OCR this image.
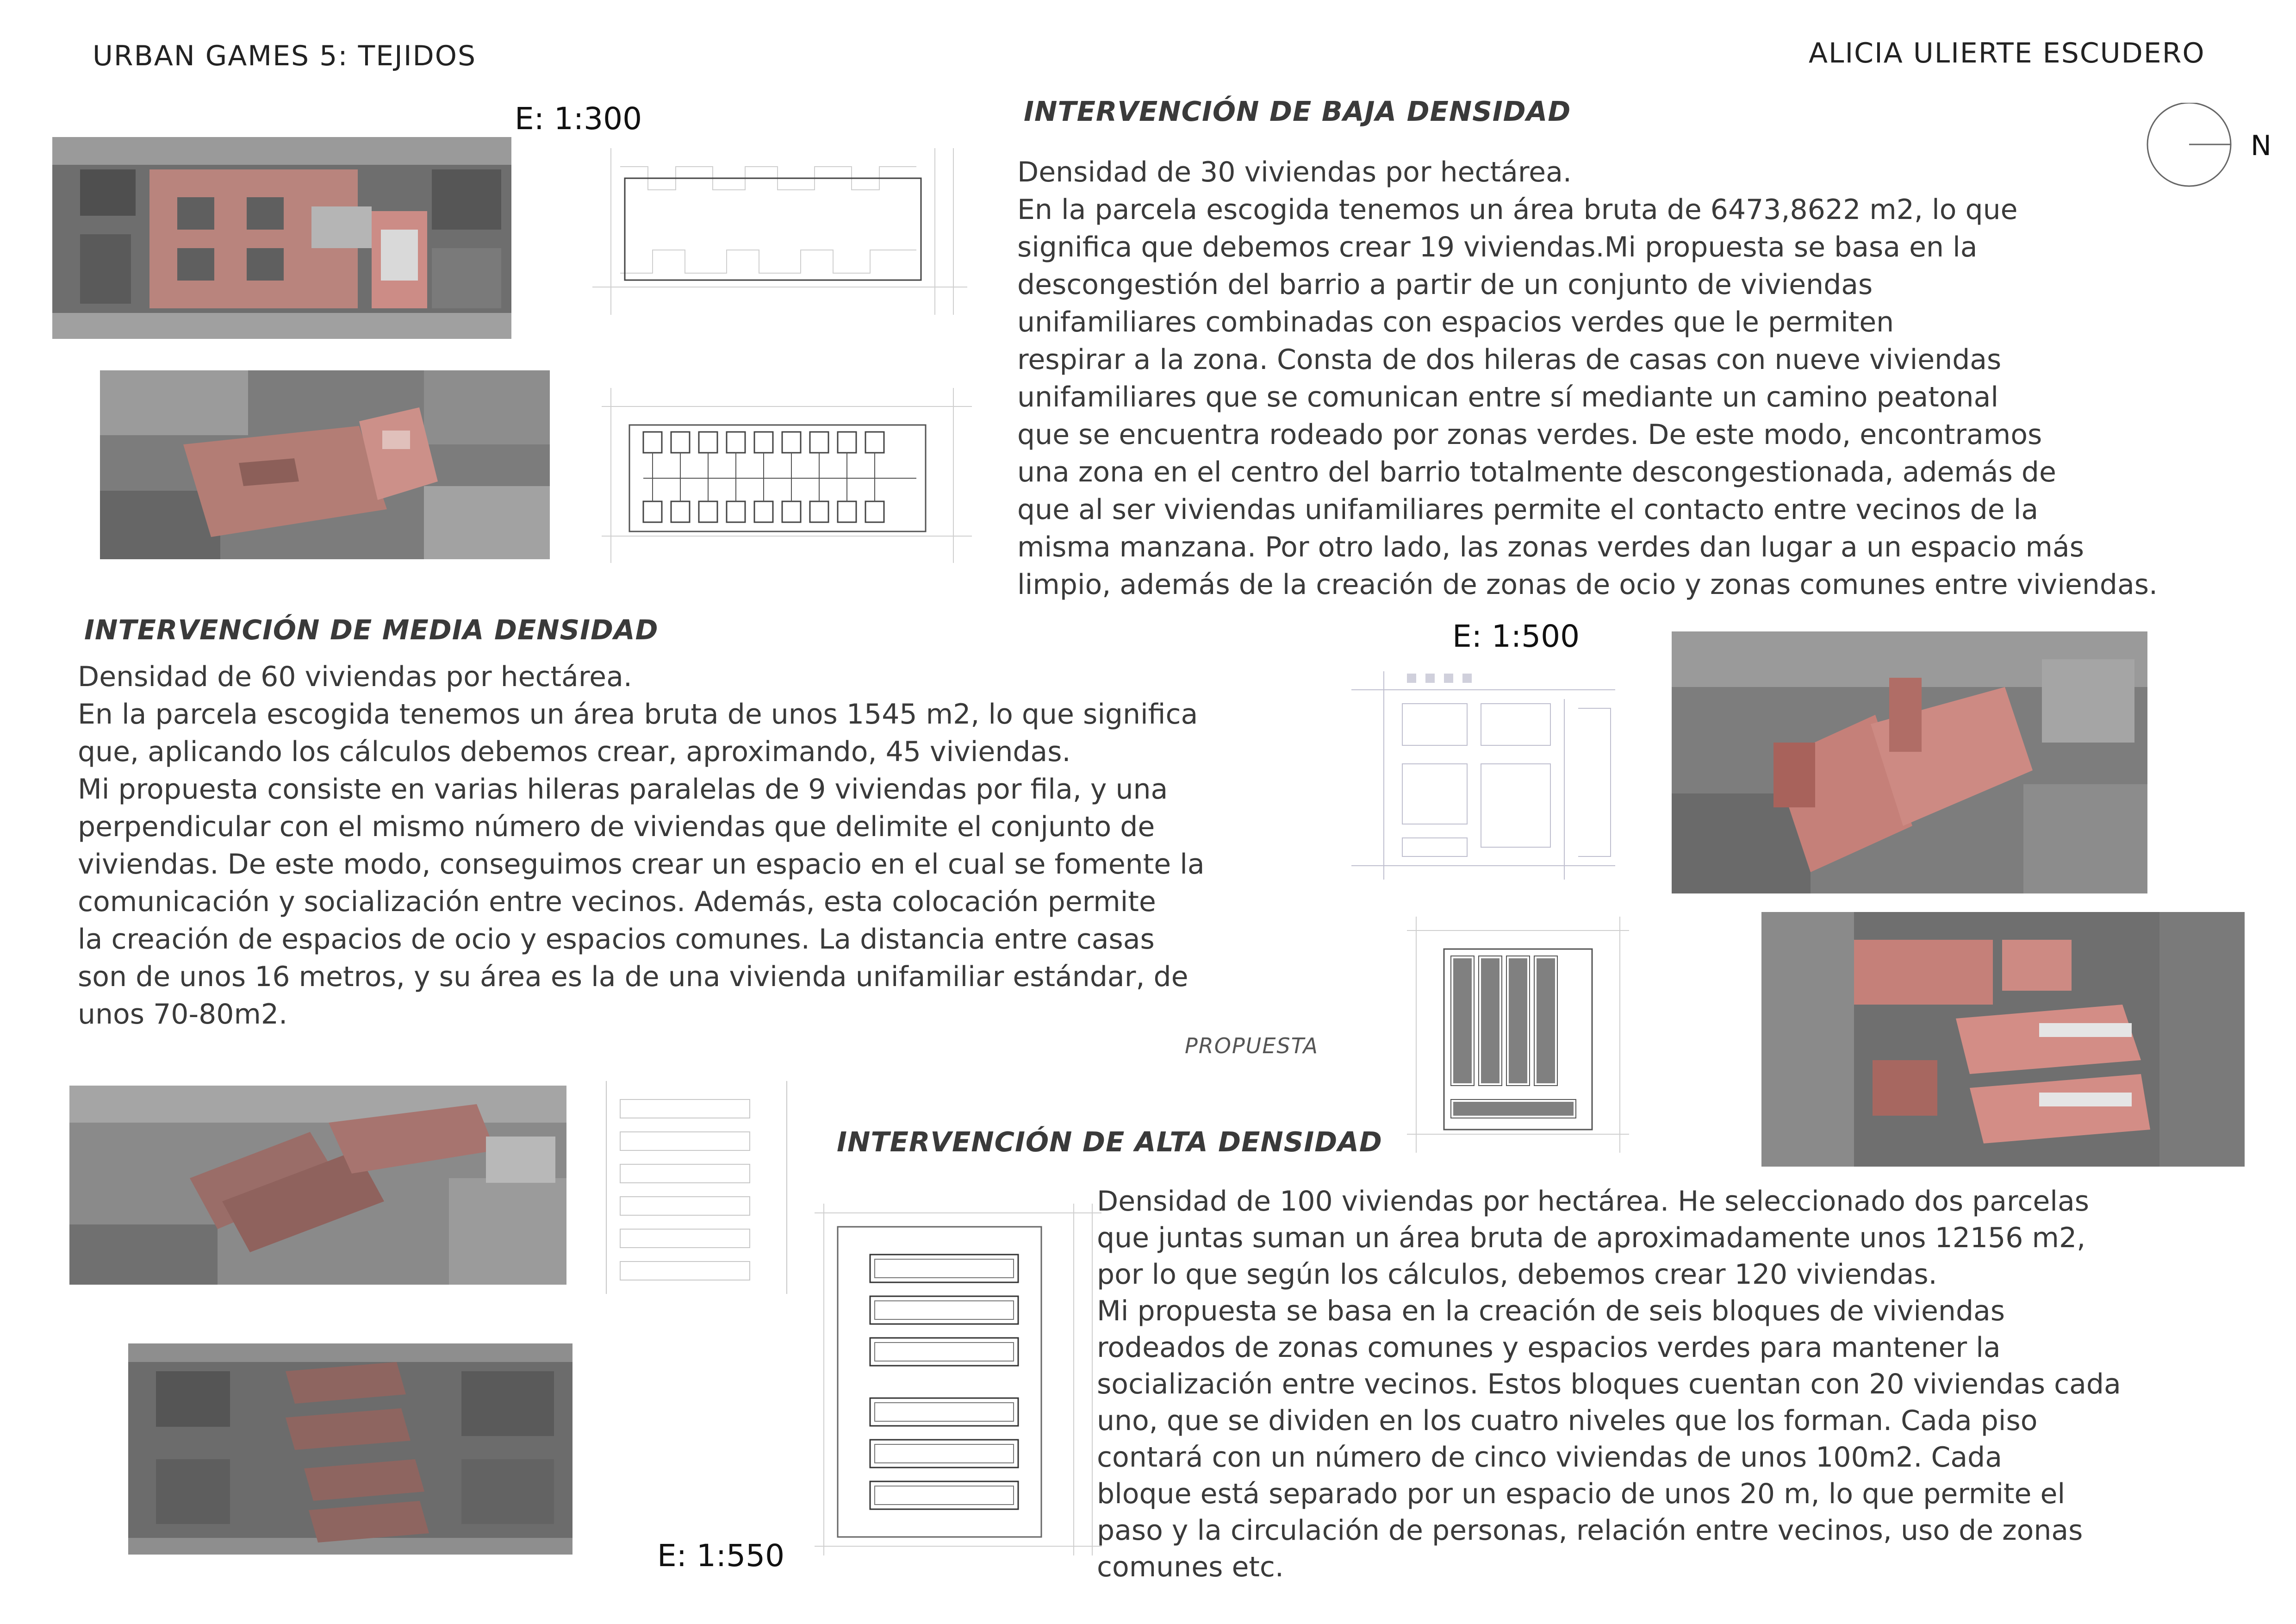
URBAN GAMES 5: TEJIDOS	ALICIA ULIERTE ESCUDERO
N
E: 1:300	INTERVENCIÓN DE BAJA DENSIDAD

Densidad de 30 viviendas por hectárea.

En la parcela escogida tenemos un área bruta de 6473,8622 m2, lo que

significa que debemos crear 19 viviendas.Mi propuesta se basa en la

descongestión del barrio a partir de un conjunto de viviendas

unifamiliares combinadas con espacios verdes que le permiten

respirar a la zona. Consta de dos hileras de casas con nueve viviendas

unifamiliares que se comunican entre sí mediante un camino peatonal

que se encuentra rodeado por zonas verdes. De este modo, encontramos

una zona en el centro del barrio totalmente descongestionada, además de

que al ser viviendas unifamiliares permite el contacto entre vecinos de la

misma manzana. Por otro lado, las zonas verdes dan lugar a un espacio más

limpio, además de la creación de zonas de ocio y zonas comunes entre viviendas.

INTERVENCIÓN DE MEDIA DENSIDAD

Densidad de 60 viviendas por hectárea.

En la parcela escogida tenemos un área bruta de unos 1545 m2, lo que significa

que, aplicando los cálculos debemos crear, aproximando, 45 viviendas.

Mi propuesta consiste en varias hileras paralelas de 9 viviendas por fila, y una

perpendicular con el mismo número de viviendas que delimite el conjunto de

viviendas. De este modo, conseguimos crear un espacio en el cual se fomente la

comunicación y socialización entre vecinos. Además, esta colocación permite

la creación de espacios de ocio y espacios comunes. La distancia entre casas

son de unos 16 metros, y su área es la de una vivienda unifamiliar estándar, de

unos 70-80m2.

PROPUESTA
E: 1:500
INTERVENCIÓN DE ALTA DENSIDAD
E: 1:550

Densidad de 100 viviendas por hectárea. He seleccionado dos parcelas

que juntas suman un área bruta de aproximadamente unos 12156 m2,

por lo que según los cálculos, debemos crear 120 viviendas.

Mi propuesta se basa en la creación de seis bloques de viviendas

rodeados de zonas comunes y espacios verdes para mantener la

socialización entre vecinos. Estos bloques cuentan con 20 viviendas cada

uno, que se dividen en los cuatro niveles que los forman. Cada piso

contará con un número de cinco viviendas de unos 100m2. Cada

bloque está separado por un espacio de unos 20 m, lo que permite el

paso y la circulación de personas, relación entre vecinos, uso de zonas

comunes etc.
